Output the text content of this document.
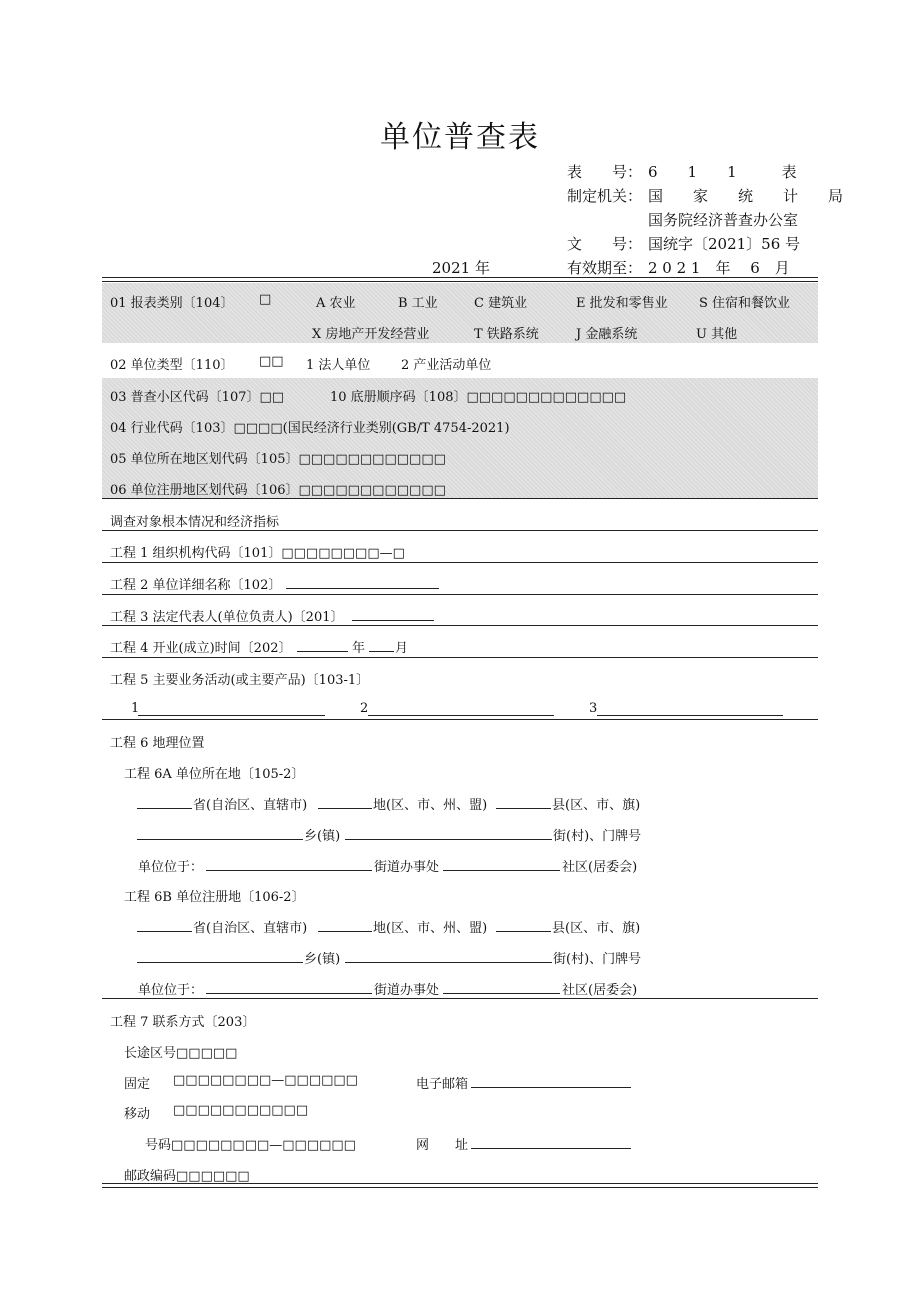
单位普查表
表　　号： 6　　1　　1　　　表
制定机关： 国　　家　　统　　计　　局
国务院经济普查办公室
文　　号： 国统字〔2021〕56 号
2021 年	有效期至： 2 0 2 1　年　 6　月
01 报表类别〔104〕 □	A 农业	B 工业	C 建筑业	E 批发和零售业 S 住宿和餐饮业
X 房地产开发经营业	T 铁路系统	J 金融系统	U 其他
02 单位类型〔110〕 □□ 1 法人单位 2 产业活动单位
03 普查小区代码〔107〕□□	10 底册顺序码〔108〕□□□□□□□□□□□□□
04 行业代码〔103〕□□□□(国民经济行业类别(GB/T 4754-2021)
05 单位所在地区划代码〔105〕□□□□□□□□□□□□
06 单位注册地区划代码〔106〕□□□□□□□□□□□□
调查对象根本情况和经济指标
工程 1 组织机构代码〔101〕□□□□□□□□—□
工程 2 单位详细名称〔102〕
工程 3 法定代表人(单位负责人)〔201〕
工程 4 开业(成立)时间〔202〕	年 月
工程 5 主要业务活动(或主要产品)〔103-1〕
1	2	3
工程 6 地理位置
工程 6A 单位所在地〔105-2〕
省(自治区、直辖市)	地(区、市、州、盟)	县(区、市、旗)
乡(镇)	街(村)、门牌号
单位位于：	街道办事处	社区(居委会)
工程 6B 单位注册地〔106-2〕
省(自治区、直辖市)	地(区、市、州、盟)	县(区、市、旗)
乡(镇)	街(村)、门牌号
单位位于：	街道办事处	社区(居委会)
工程 7 联系方式〔203〕
长途区号□□□□□
固定 □□□□□□□□—□□□□□□	电子邮箱
移动 □□□□□□□□□□□
号码□□□□□□□□—□□□□□□	网　　址
邮政编码□□□□□□
